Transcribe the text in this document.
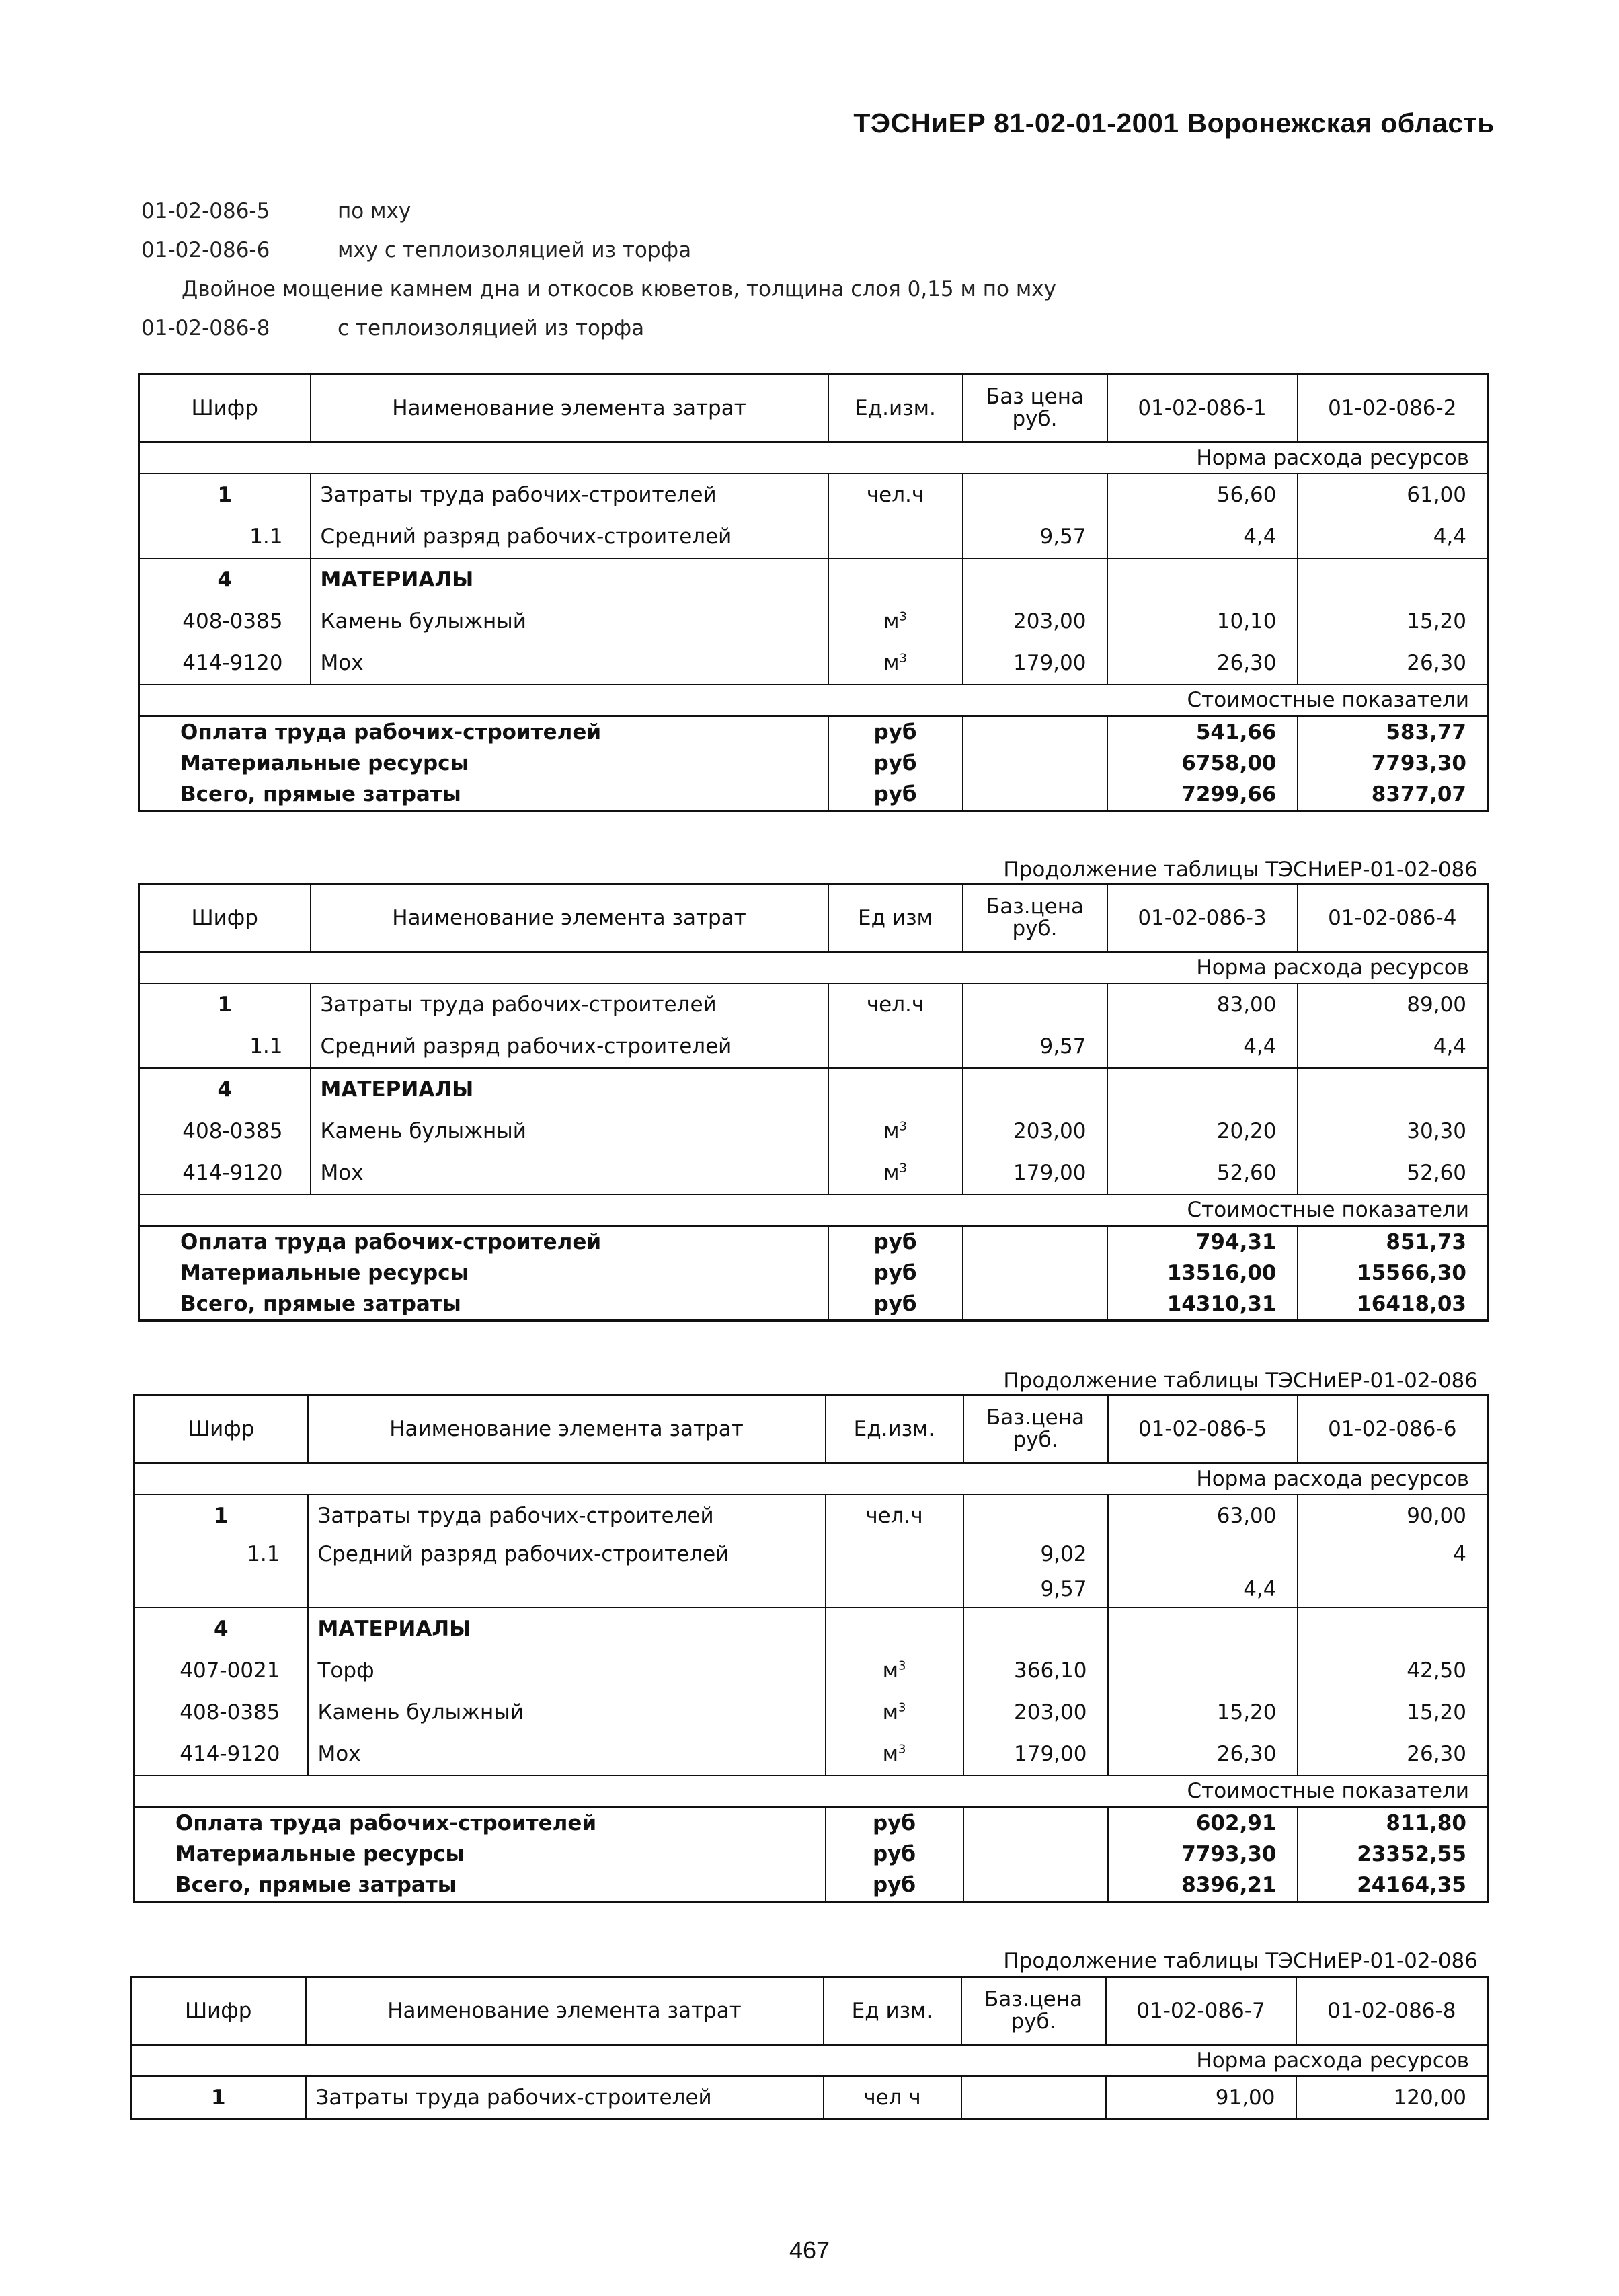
ТЭСНиЕР 81-02-01-2001 Воронежская область
01-02-086-5	по мху
01-02-086-6	мху с теплоизоляцией из торфа
Двойное мощение камнем дна и откосов кюветов, толщина слоя 0,15 м по мху
01-02-086-8	с теплоизоляцией из торфа
Шифр	Наименование элемента затрат	Ед.изм.	Баз цена руб.	01-02-086-1	01-02-086-2
				Норма расхода ресурсов	
1	Затраты труда рабочих-строителей	чел.ч		56,60	61,00
1.1	Средний разряд рабочих-строителей		9,57	4,4	4,4
4	МАТЕРИАЛЫ				
408-0385	Камень булыжный	$м^3$	203,00	10,10	15,20
414-9120	Мох	$м^3$	179,00	26,30	26,30
				Стоимостные показатели	
Оплата труда рабочих-строителей		руб		541,66	583,77
Материальные ресурсы		руб		6758,00	7793,30
Всего, прямые затраты		руб		7299,66	8377,07
Продолжение таблицы ТЭСНиЕР-01-02-086
Шифр	Наименование элемента затрат	Ед изм	Баз.цена руб.	01-02-086-3	01-02-086-4
				Норма расхода ресурсов	
1	Затраты труда рабочих-строителей	чел.ч		83,00	89,00
1.1	Средний разряд рабочих-строителей		9,57	4,4	4,4
4	МАТЕРИАЛЫ				
408-0385	Камень булыжный	$м^3$	203,00	20,20	30,30
414-9120	Мох	$м^3$	179,00	52,60	52,60
				Стоимостные показатели	
Оплата труда рабочих-строителей		руб		794,31	851,73
Материальные ресурсы		руб		13516,00	15566,30
Всего, прямые затраты		руб		14310,31	16418,03
Продолжение таблицы ТЭСНиЕР-01-02-086
Шифр	Наименование элемента затрат	Ед.изм.	Баз.цена руб.	01-02-086-5	01-02-086-6
				Норма расхода ресурсов	
1	Затраты труда рабочих-строителей	чел.ч		63,00	90,00
1.1	Средний разряд рабочих-строителей		9,02		4
			9,57	4,4	
4	МАТЕРИАЛЫ				
407-0021	Торф	$м^3$	366,10		42,50
408-0385	Камень булыжный	$м^3$	203,00	15,20	15,20
414-9120	Мох	$м^3$	179,00	26,30	26,30
				Стоимостные показатели	
Оплата труда рабочих-строителей		руб		602,91	811,80
Материальные ресурсы		руб		7793,30	23352,55
Всего, прямые затраты		руб		8396,21	24164,35
Продолжение таблицы ТЭСНиЕР-01-02-086
Шифр	Наименование элемента затрат	Ед изм.	Баз.цена руб.	01-02-086-7	01-02-086-8
				Норма расхода ресурсов	
1	Затраты труда рабочих-строителей	чел ч		91,00	120,00
467
